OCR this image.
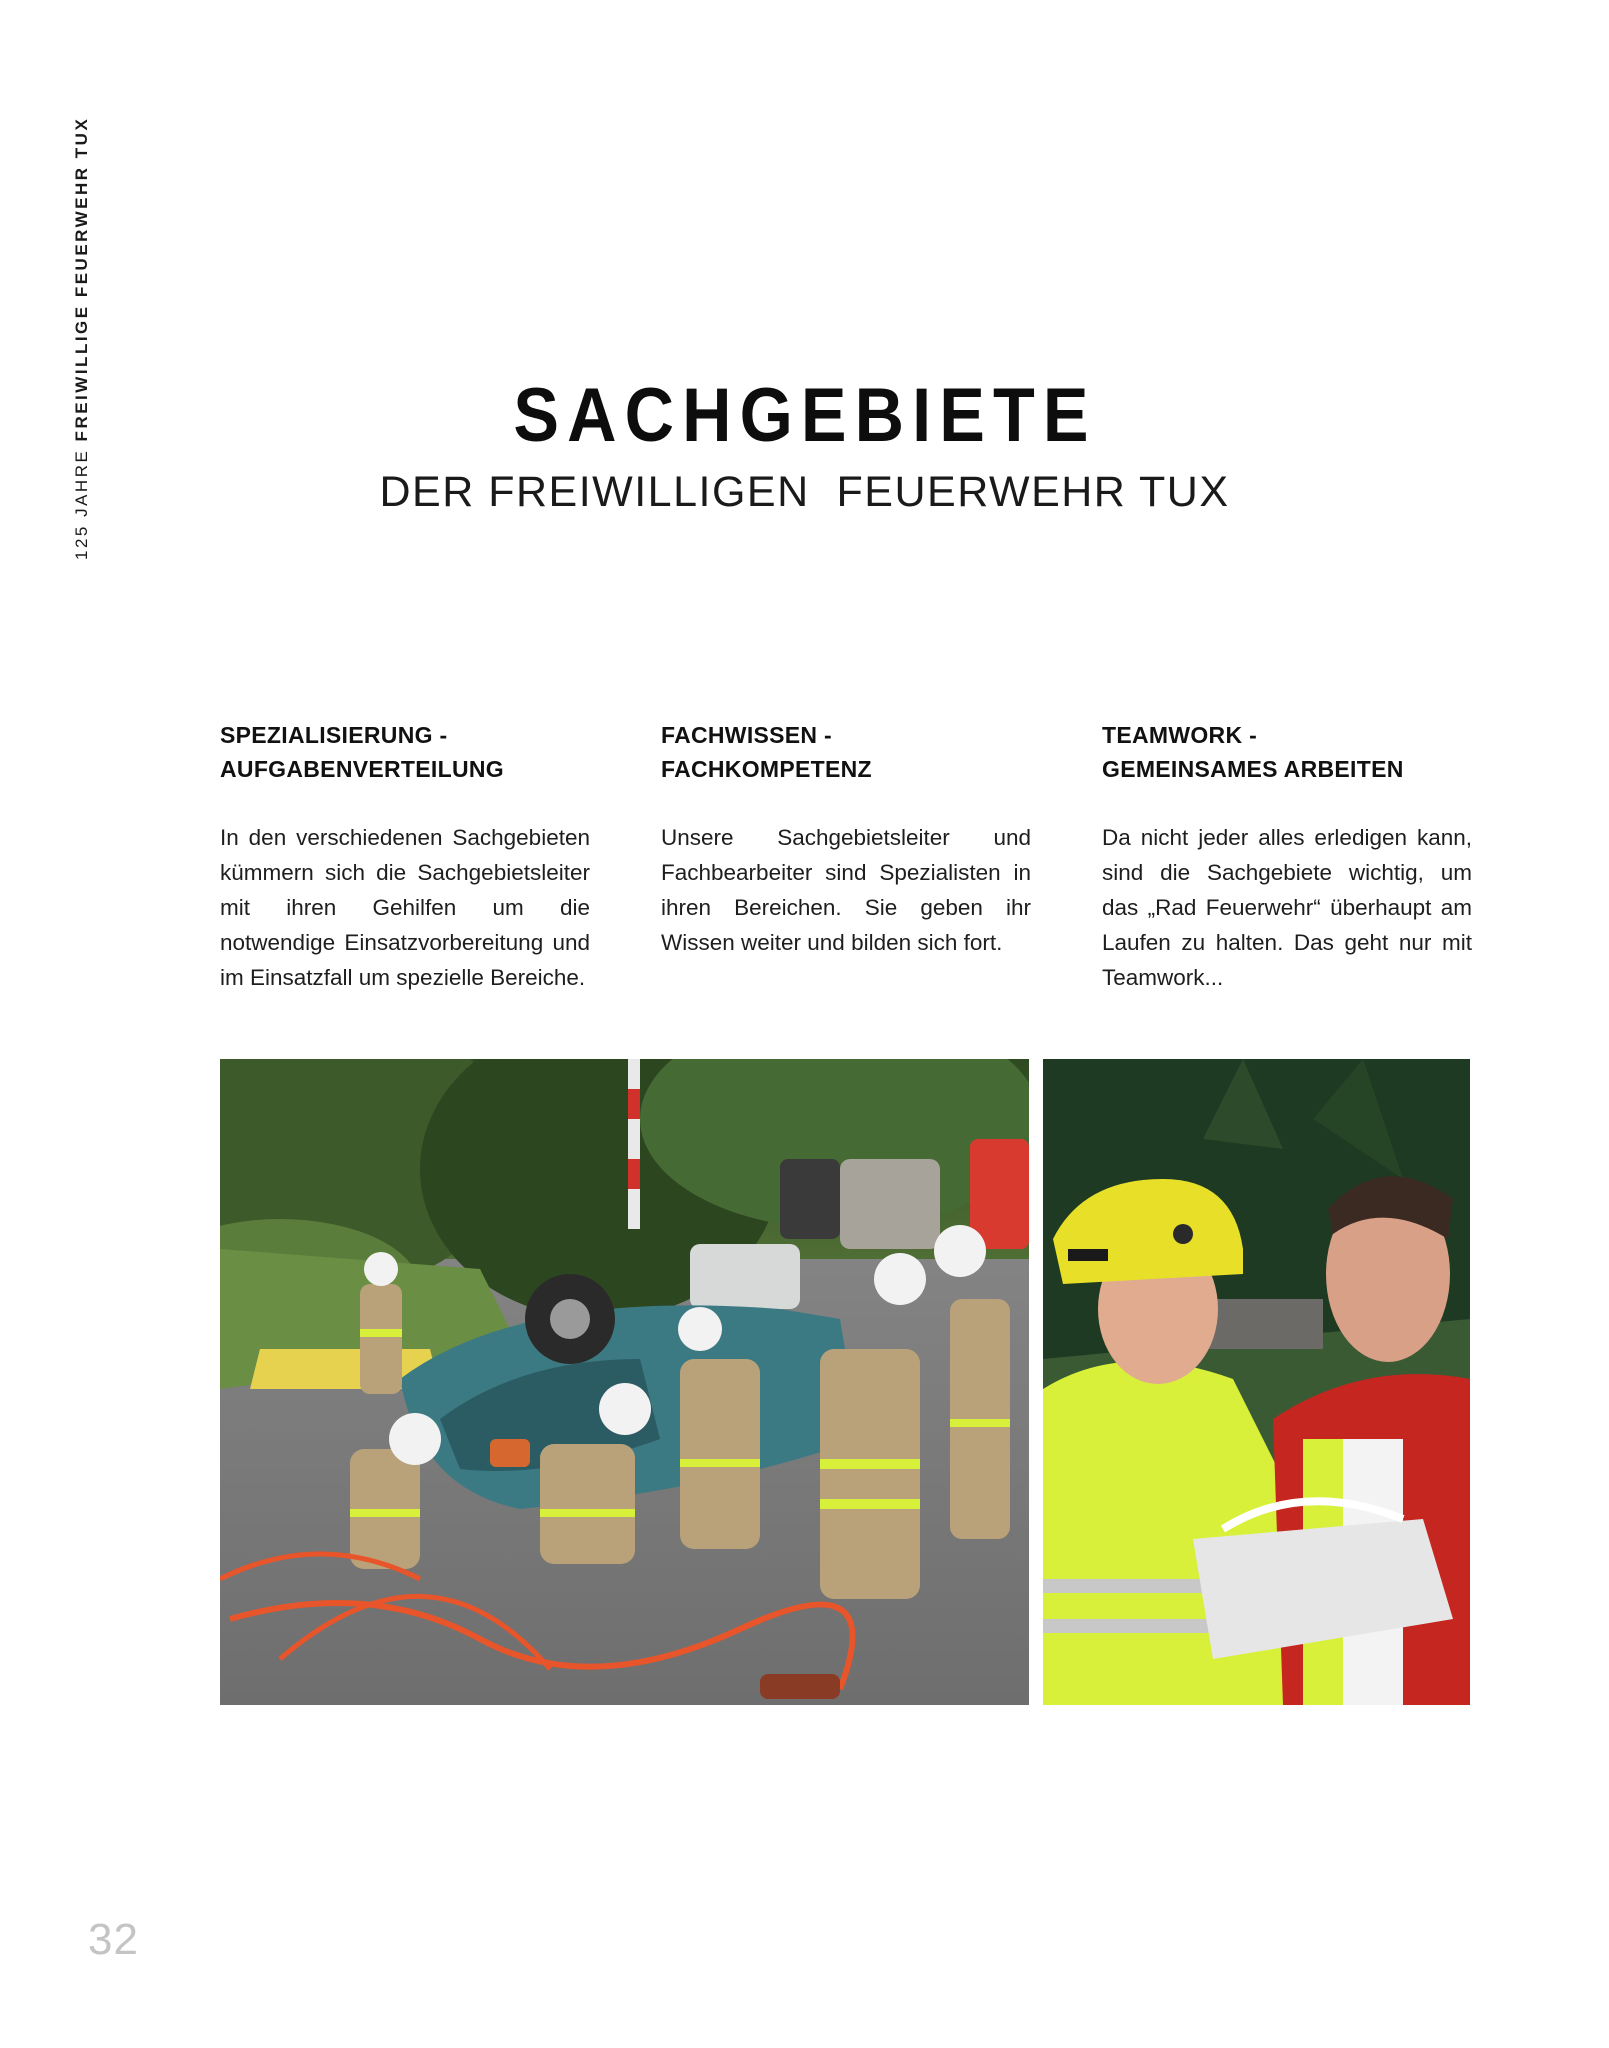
125 JAHRE FREIWILLIGE FEUERWEHR TUX	SACHGEBIETE
DER FREIWILLIGEN  FEUERWEHR TUX
SPEZIALISIERUNG -
AUFGABENVERTEILUNG

In den verschiedenen Sachgebieten kümmern sich die Sachgebietsleiter mit ihren Gehilfen um die notwendige Einsatzvorbereitung und im Einsatzfall um spezielle Bereiche.

FACHWISSEN -
FACHKOMPETENZ

Unsere Sachgebietsleiter und Fachbearbeiter sind Spezialisten in ihren Bereichen. Sie geben ihr Wissen weiter und bilden sich fort.

TEAMWORK -
GEMEINSAMES ARBEITEN

Da nicht jeder alles erledigen kann, sind die Sachgebiete wichtig, um das „Rad Feuerwehr“ überhaupt am Laufen zu halten. Das geht nur mit Teamwork...

32
